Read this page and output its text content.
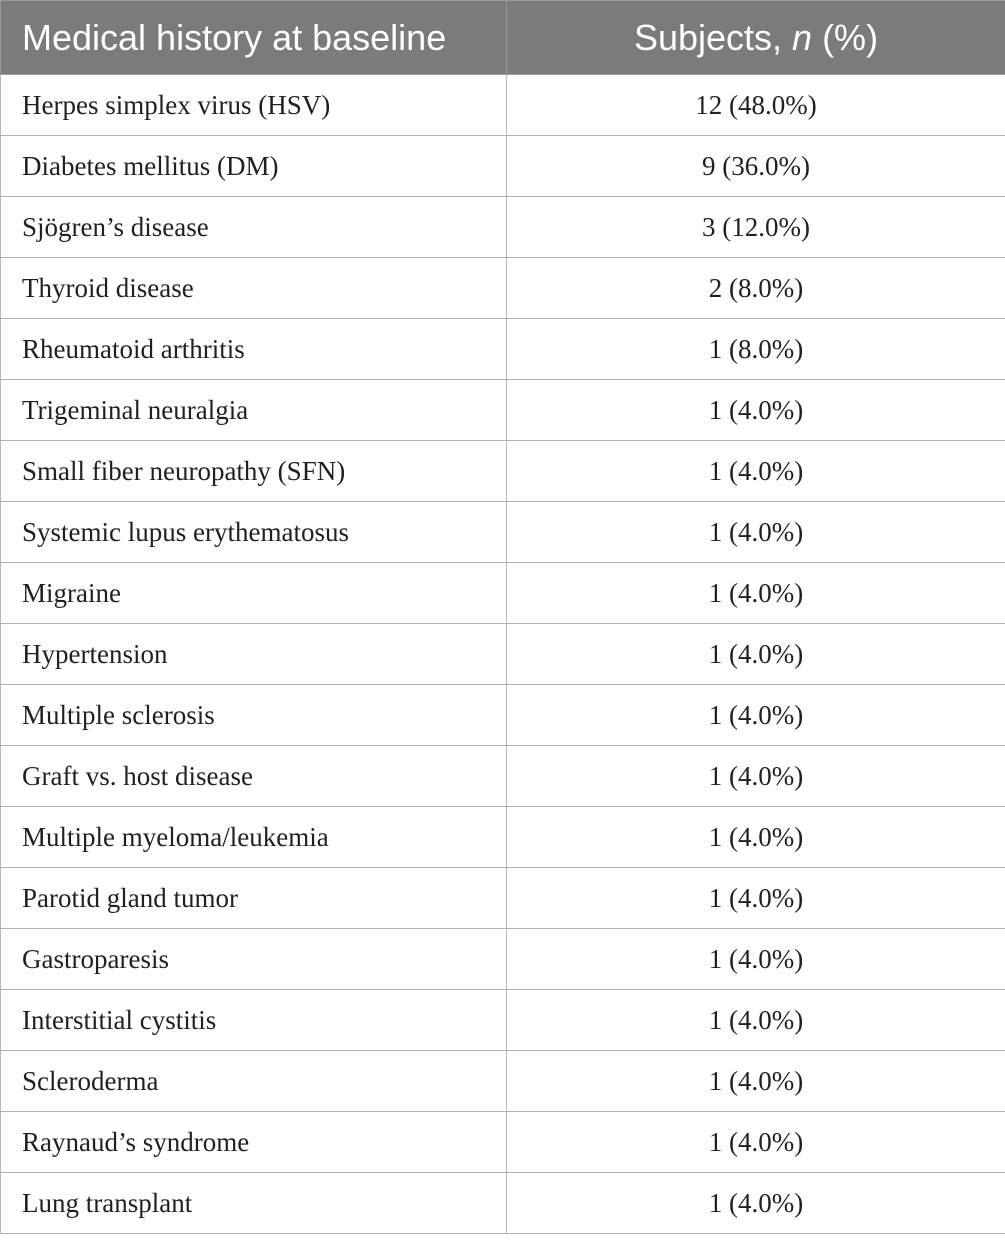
Medical history at baseline	Subjects, n (%)
Herpes simplex virus (HSV)	12 (48.0%)
Diabetes mellitus (DM)	9 (36.0%)
Sjögren’s disease	3 (12.0%)
Thyroid disease	2 (8.0%)
Rheumatoid arthritis	1 (8.0%)
Trigeminal neuralgia	1 (4.0%)
Small fiber neuropathy (SFN)	1 (4.0%)
Systemic lupus erythematosus	1 (4.0%)
Migraine	1 (4.0%)
Hypertension	1 (4.0%)
Multiple sclerosis	1 (4.0%)
Graft vs. host disease	1 (4.0%)
Multiple myeloma/leukemia	1 (4.0%)
Parotid gland tumor	1 (4.0%)
Gastroparesis	1 (4.0%)
Interstitial cystitis	1 (4.0%)
Scleroderma	1 (4.0%)
Raynaud’s syndrome	1 (4.0%)
Lung transplant	1 (4.0%)
